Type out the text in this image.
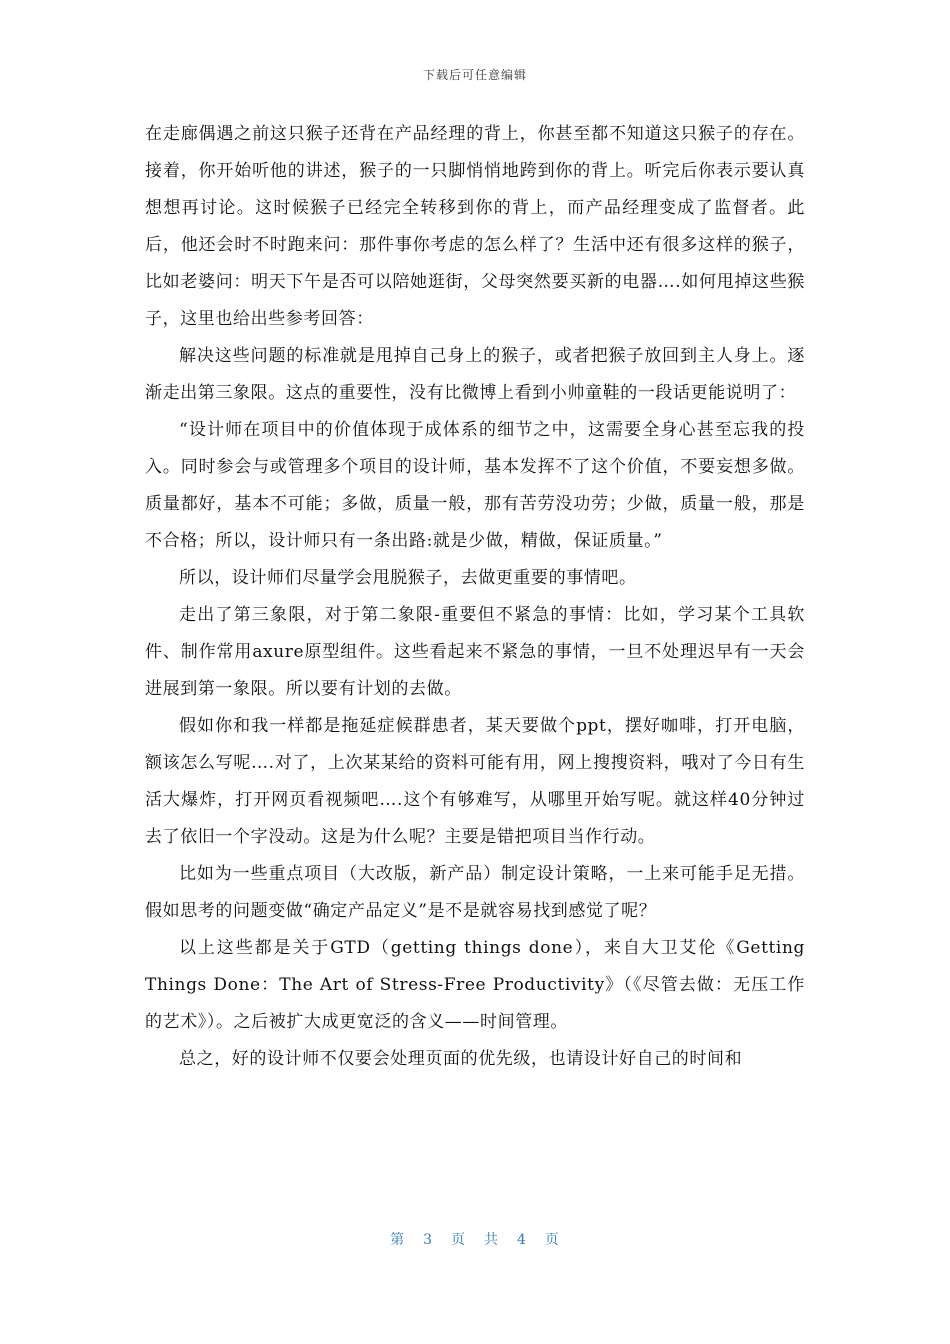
下载后可任意编辑

在走廊偶遇之前这只猴子还背在产品经理的背上，你甚至都不知道这只猴子的存在。接着，你开始听他的讲述，猴子的一只脚悄悄地跨到你的背上。听完后你表示要认真想想再讨论。这时候猴子已经完全转移到你的背上，而产品经理变成了监督者。此后，他还会时不时跑来问：那件事你考虑的怎么样了？生活中还有很多这样的猴子，比如老婆问：明天下午是否可以陪她逛街，父母突然要买新的电器….如何甩掉这些猴子，这里也给出些参考回答：

解决这些问题的标准就是甩掉自己身上的猴子，或者把猴子放回到主人身上。逐渐走出第三象限。这点的重要性，没有比微博上看到小帅童鞋的一段话更能说明了：

“设计师在项目中的价值体现于成体系的细节之中，这需要全身心甚至忘我的投入。同时参会与或管理多个项目的设计师，基本发挥不了这个价值，不要妄想多做。质量都好，基本不可能；多做，质量一般，那有苦劳没功劳；少做，质量一般，那是不合格；所以，设计师只有一条出路:就是少做，精做，保证质量。”

所以，设计师们尽量学会甩脱猴子，去做更重要的事情吧。

走出了第三象限，对于第二象限-重要但不紧急的事情：比如，学习某个工具软件、制作常用axure原型组件。这些看起来不紧急的事情，一旦不处理迟早有一天会进展到第一象限。所以要有计划的去做。

假如你和我一样都是拖延症候群患者，某天要做个ppt，摆好咖啡，打开电脑，额该怎么写呢….对了，上次某某给的资料可能有用，网上搜搜资料，哦对了今日有生活大爆炸，打开网页看视频吧….这个有够难写，从哪里开始写呢。就这样40分钟过去了依旧一个字没动。这是为什么呢？主要是错把项目当作行动。

比如为一些重点项目（大改版，新产品）制定设计策略，一上来可能手足无措。假如思考的问题变做“确定产品定义”是不是就容易找到感觉了呢？

以上这些都是关于GTD（getting things done），来自大卫艾伦《Getting Things Done：The Art of Stress-Free Productivity》（《尽管去做：无压工作的艺术》）。之后被扩大成更宽泛的含义——时间管理。

总之，好的设计师不仅要会处理页面的优先级，也请设计好自己的时间和

第 3 页 共 4 页
